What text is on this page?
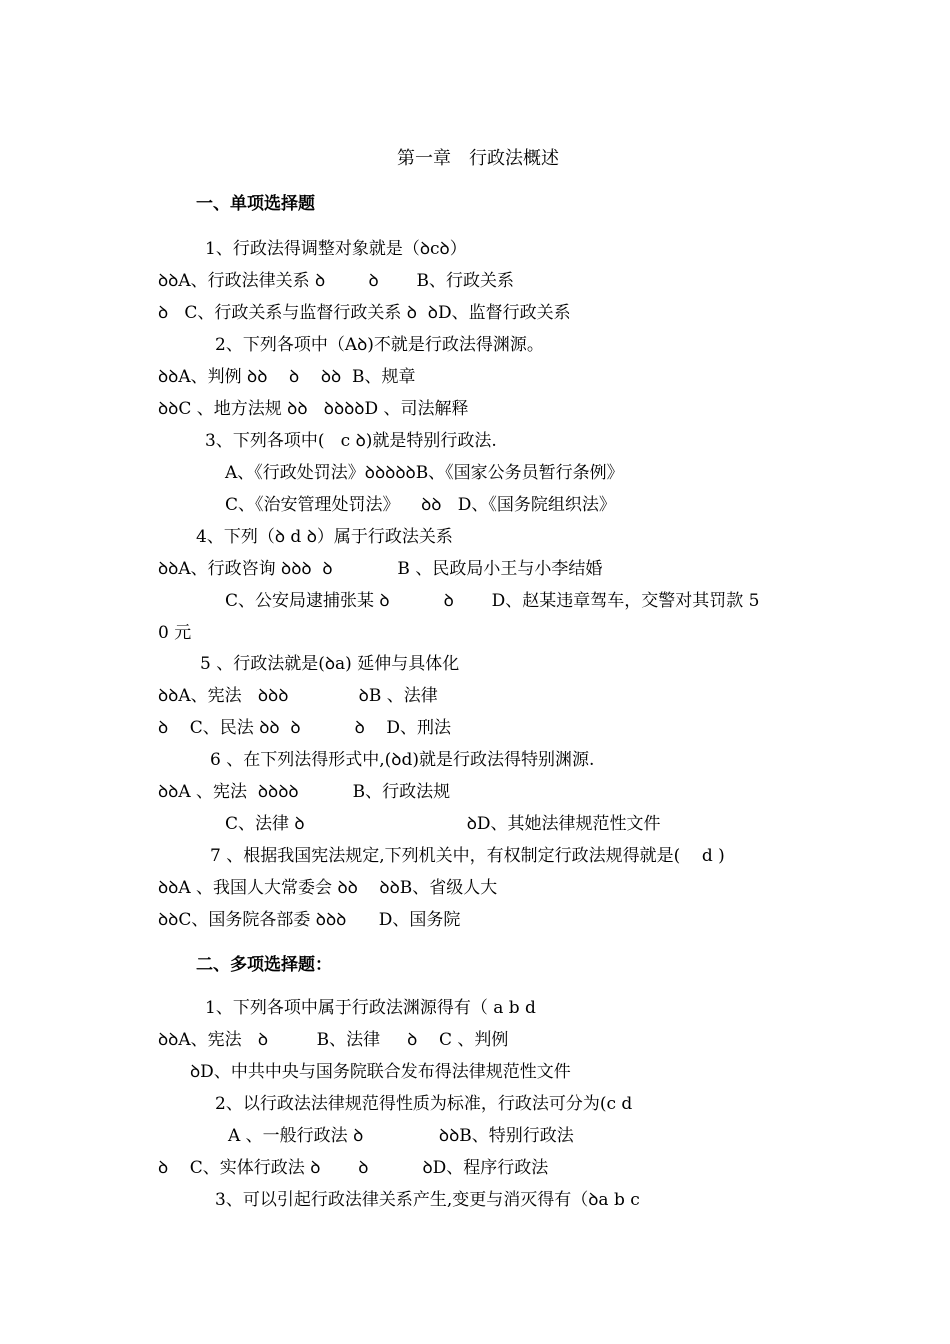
第一章　行政法概述
一、单项选择题
1、行政法得调整对象就是（ꝺcꝺ）
ꝺꝺA、行政法律关系 ꝺ        ꝺ       B、行政关系
ꝺ   C、行政关系与监督行政关系 ꝺ  ꝺD、监督行政关系
2、下列各项中（Aꝺ)不就是行政法得渊源。
ꝺꝺA、判例 ꝺꝺ    ꝺ    ꝺꝺ  B、规章
ꝺꝺC 、地方法规 ꝺꝺ   ꝺꝺꝺꝺD 、司法解释
3、下列各项中(   c ꝺ)就是特别行政法.
A、《行政处罚法》ꝺꝺꝺꝺꝺB、《国家公务员暂行条例》
C、《治安管理处罚法》    ꝺꝺ   D、《国务院组织法》
4、下列（ꝺ d ꝺ）属于行政法关系
ꝺꝺA、行政咨询 ꝺꝺꝺ  ꝺ            B 、民政局小王与小李结婚
C、公安局逮捕张某 ꝺ          ꝺ       D、赵某违章驾车，交警对其罚款 5
0 元
5 、行政法就是(ꝺa) 延伸与具体化
ꝺꝺA、宪法   ꝺꝺꝺ             ꝺB 、法律
ꝺ    C、民法 ꝺꝺ  ꝺ          ꝺ    D、刑法
6 、在下列法得形式中,(ꝺd)就是行政法得特别渊源.
ꝺꝺA 、宪法  ꝺꝺꝺꝺ          B、行政法规
C、法律 ꝺ                              ꝺD、其她法律规范性文件
7 、根据我国宪法规定,下列机关中，有权制定行政法规得就是(    d )
ꝺꝺA 、我国人大常委会 ꝺꝺ    ꝺꝺB、省级人大
ꝺꝺC、国务院各部委 ꝺꝺꝺ      D、国务院
二、多项选择题：
1、下列各项中属于行政法渊源得有（ a b d
ꝺꝺA、宪法   ꝺ         B、法律     ꝺ    C 、判例
ꝺD、中共中央与国务院联合发布得法律规范性文件
2、以行政法法律规范得性质为标准，行政法可分为(c d
A 、一般行政法 ꝺ              ꝺꝺB、特别行政法
ꝺ    C、实体行政法 ꝺ       ꝺ          ꝺD、程序行政法
3、可以引起行政法律关系产生,变更与消灭得有（ꝺa b c
